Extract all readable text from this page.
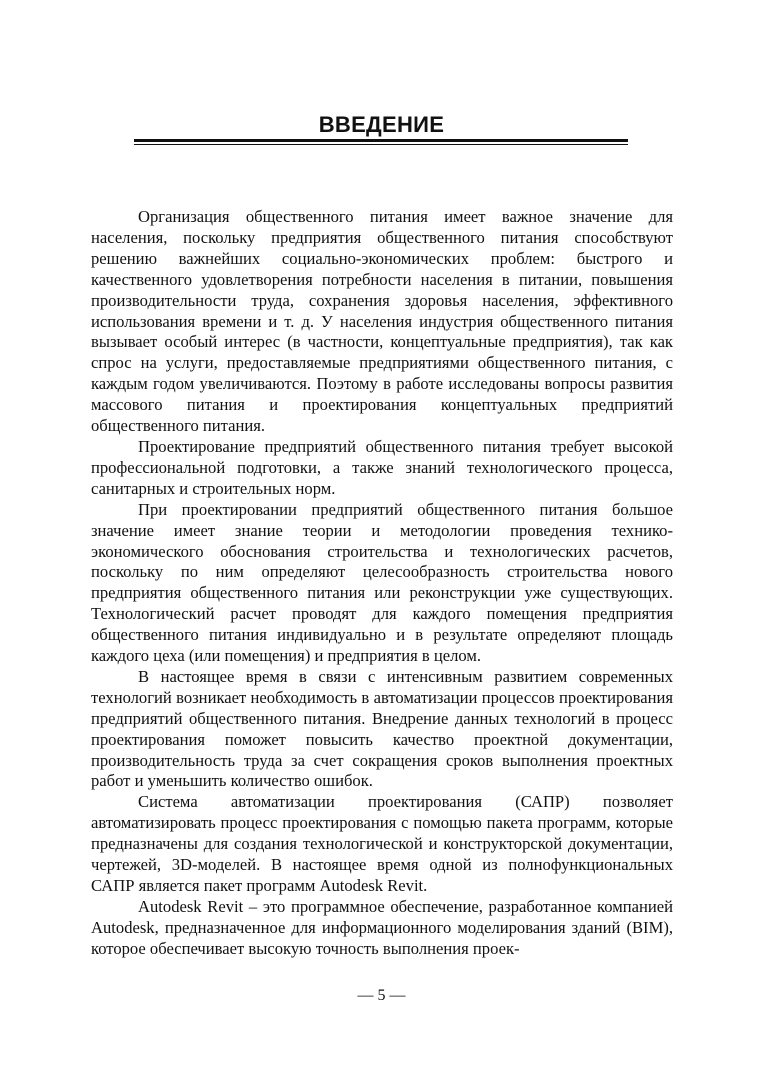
ВВЕДЕНИЕ

Организация общественного питания имеет важное значение для населения, поскольку предприятия общественного питания способствуют решению важнейших социально-экономических проблем: быстрого и качественного удовлетворения потребности населения в питании, повышения производительности труда, сохранения здоровья населения, эффективного использования времени и т. д. У населения индустрия общественного питания вызывает особый интерес (в частности, концептуальные предприятия), так как спрос на услуги, предоставляемые предприятиями общественного питания, с каждым годом увеличиваются. Поэтому в работе исследованы вопросы развития массового питания и проектирования концептуальных предприятий общественного питания.

Проектирование предприятий общественного питания требует высокой профессиональной подготовки, а также знаний технологического процесса, санитарных и строительных норм.

При проектировании предприятий общественного питания большое значение имеет знание теории и методологии проведения технико-экономического обоснования строительства и технологических расчетов, поскольку по ним определяют целесообразность строительства нового предприятия общественного питания или реконструкции уже существующих. Технологический расчет проводят для каждого помещения предприятия общественного питания индивидуально и в результате определяют площадь каждого цеха (или помещения) и предприятия в целом.

В настоящее время в связи с интенсивным развитием современных технологий возникает необходимость в автоматизации процессов проектирования предприятий общественного питания. Внедрение данных технологий в процесс проектирования поможет повысить качество проектной документации, производительность труда за счет сокращения сроков выполнения проектных работ и уменьшить количество ошибок.

Система автоматизации проектирования (САПР) позволяет автоматизировать процесс проектирования с помощью пакета программ, которые предназначены для создания технологической и конструкторской документации, чертежей, 3D-моделей. В настоящее время одной из полнофункциональных САПР является пакет программ Autodesk Revit.

Autodesk Revit – это программное обеспечение, разработанное компанией Autodesk, предназначенное для информационного моделирования зданий (BIM), которое обеспечивает высокую точность выполнения проек-

–– 5 ––
